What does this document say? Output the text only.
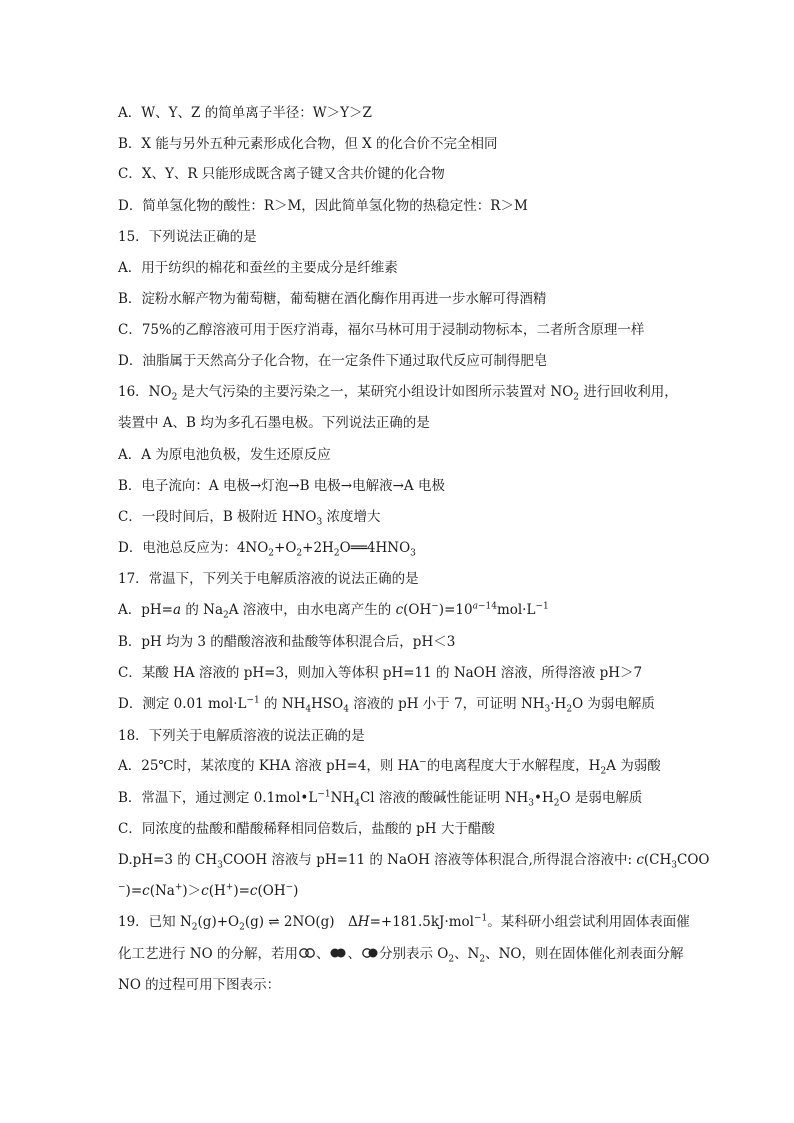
A．W、Y、Z 的简单离子半径：W＞Y＞Z
B．X 能与另外五种元素形成化合物，但 X 的化合价不完全相同
C．X、Y、R 只能形成既含离子键又含共价键的化合物
D．简单氢化物的酸性：R＞M，因此简单氢化物的热稳定性：R＞M
15．下列说法正确的是
A．用于纺织的棉花和蚕丝的主要成分是纤维素
B．淀粉水解产物为葡萄糖，葡萄糖在酒化酶作用再进一步水解可得酒精
C．75%的乙醇溶液可用于医疗消毒，福尔马林可用于浸制动物标本，二者所含原理一样
D．油脂属于天然高分子化合物，在一定条件下通过取代反应可制得肥皂
16．$NO_2$ 是大气污染的主要污染之一，某研究小组设计如图所示装置对 $NO_2$ 进行回收利用，
装置中 A、B 均为多孔石墨电极。下列说法正确的是
A．A 为原电池负极，发生还原反应
B．电子流向：A 电极→灯泡→B 电极→电解液→A 电极
C．一段时间后，B 极附近 $HNO_3$ 浓度增大
D．电池总反应为：$4NO_2+O_2+2H_2O══4HNO_3$
17．常温下，下列关于电解质溶液的说法正确的是
A．pH=a 的 $Na_2A$ 溶液中，由水电离产生的 $c(OH^-)=10^{a-14}mol\cdot L^{-1}$
B．pH 均为 3 的醋酸溶液和盐酸等体积混合后，pH＜3
C．某酸 HA 溶液的 pH=3，则加入等体积 pH=11 的 NaOH 溶液，所得溶液 pH＞7
D．测定 0.01 $mol\cdot L^{-1}$ 的 $NH_4HSO_4$ 溶液的 pH 小于 7，可证明 $NH_3\cdot H_2O$ 为弱电解质
18．下列关于电解质溶液的说法正确的是
A．25℃时，某浓度的 KHA 溶液 pH=4，则 HA−的电离程度大于水解程度，$H_2A$ 为弱酸
B．常温下，通过测定 $0.1mol•L^{-1}NH_4Cl$ 溶液的酸碱性能证明 $NH_3•H_2O$ 是弱电解质
C．同浓度的盐酸和醋酸稀释相同倍数后，盐酸的 pH 大于醋酸
D.pH=3 的 $CH_3COOH$ 溶液与 pH=11 的 NaOH 溶液等体积混合,所得混合溶液中: $c(CH_3COO$
−)=c(Na+)＞c(H+)=c(OH−)
19．已知 $N_2(g)+O_2(g)$ ⇌ 2NO(g)　ΔH=+181.5kJ·mol$^{-1}$。某科研小组尝试利用固体表面催
化工艺进行 NO 的分解，若用 、 、 分别表示 $O_2$、$N_2$、NO，则在固体催化剂表面分解
NO 的过程可用下图表示：
